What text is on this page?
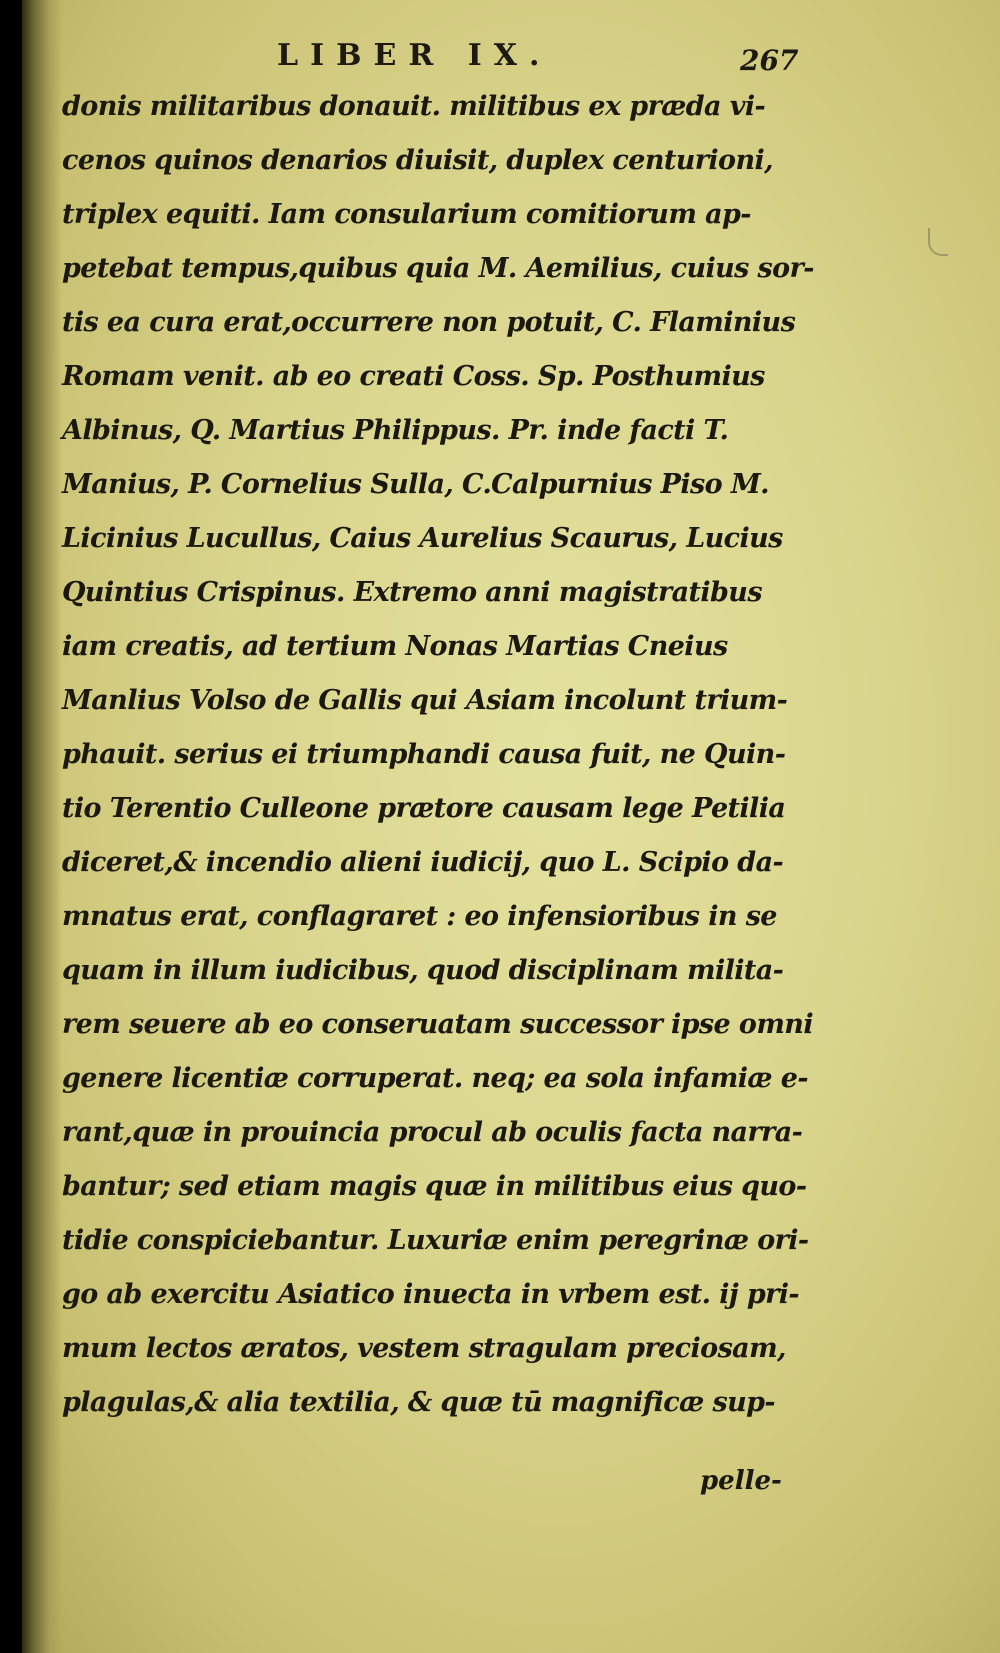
LIBER IX.	267
donis militaribus donauit. militibus ex præda vi-
cenos quinos denarios diuisit, duplex centurioni,
triplex equiti. Iam consularium comitiorum ap-
petebat tempus,quibus quia M. Aemilius, cuius sor-
tis ea cura erat,occurrere non potuit, C. Flaminius
Romam venit. ab eo creati Coss. Sp. Posthumius
Albinus, Q. Martius Philippus. Pr. inde facti T.
Manius, P. Cornelius Sulla, C.Calpurnius Piso M.
Licinius Lucullus, Caius Aurelius Scaurus, Lucius
Quintius Crispinus. Extremo anni magistratibus
iam creatis, ad tertium Nonas Martias Cneius
Manlius Volso de Gallis qui Asiam incolunt trium-
phauit. serius ei triumphandi causa fuit, ne Quin-
tio Terentio Culleone prætore causam lege Petilia
diceret,& incendio alieni iudicij, quo L. Scipio da-
mnatus erat, conflagraret : eo infensioribus in se
quam in illum iudicibus, quod disciplinam milita-
rem seuere ab eo conseruatam successor ipse omni
genere licentiæ corruperat. neq; ea sola infamiæ e-
rant,quæ in prouincia procul ab oculis facta narra-
bantur; sed etiam magis quæ in militibus eius quo-
tidie conspiciebantur. Luxuriæ enim peregrinæ ori-
go ab exercitu Asiatico inuecta in vrbem est. ij pri-
mum lectos æratos, vestem stragulam preciosam,
plagulas,& alia textilia, & quæ tū magnificæ sup-
pelle-
